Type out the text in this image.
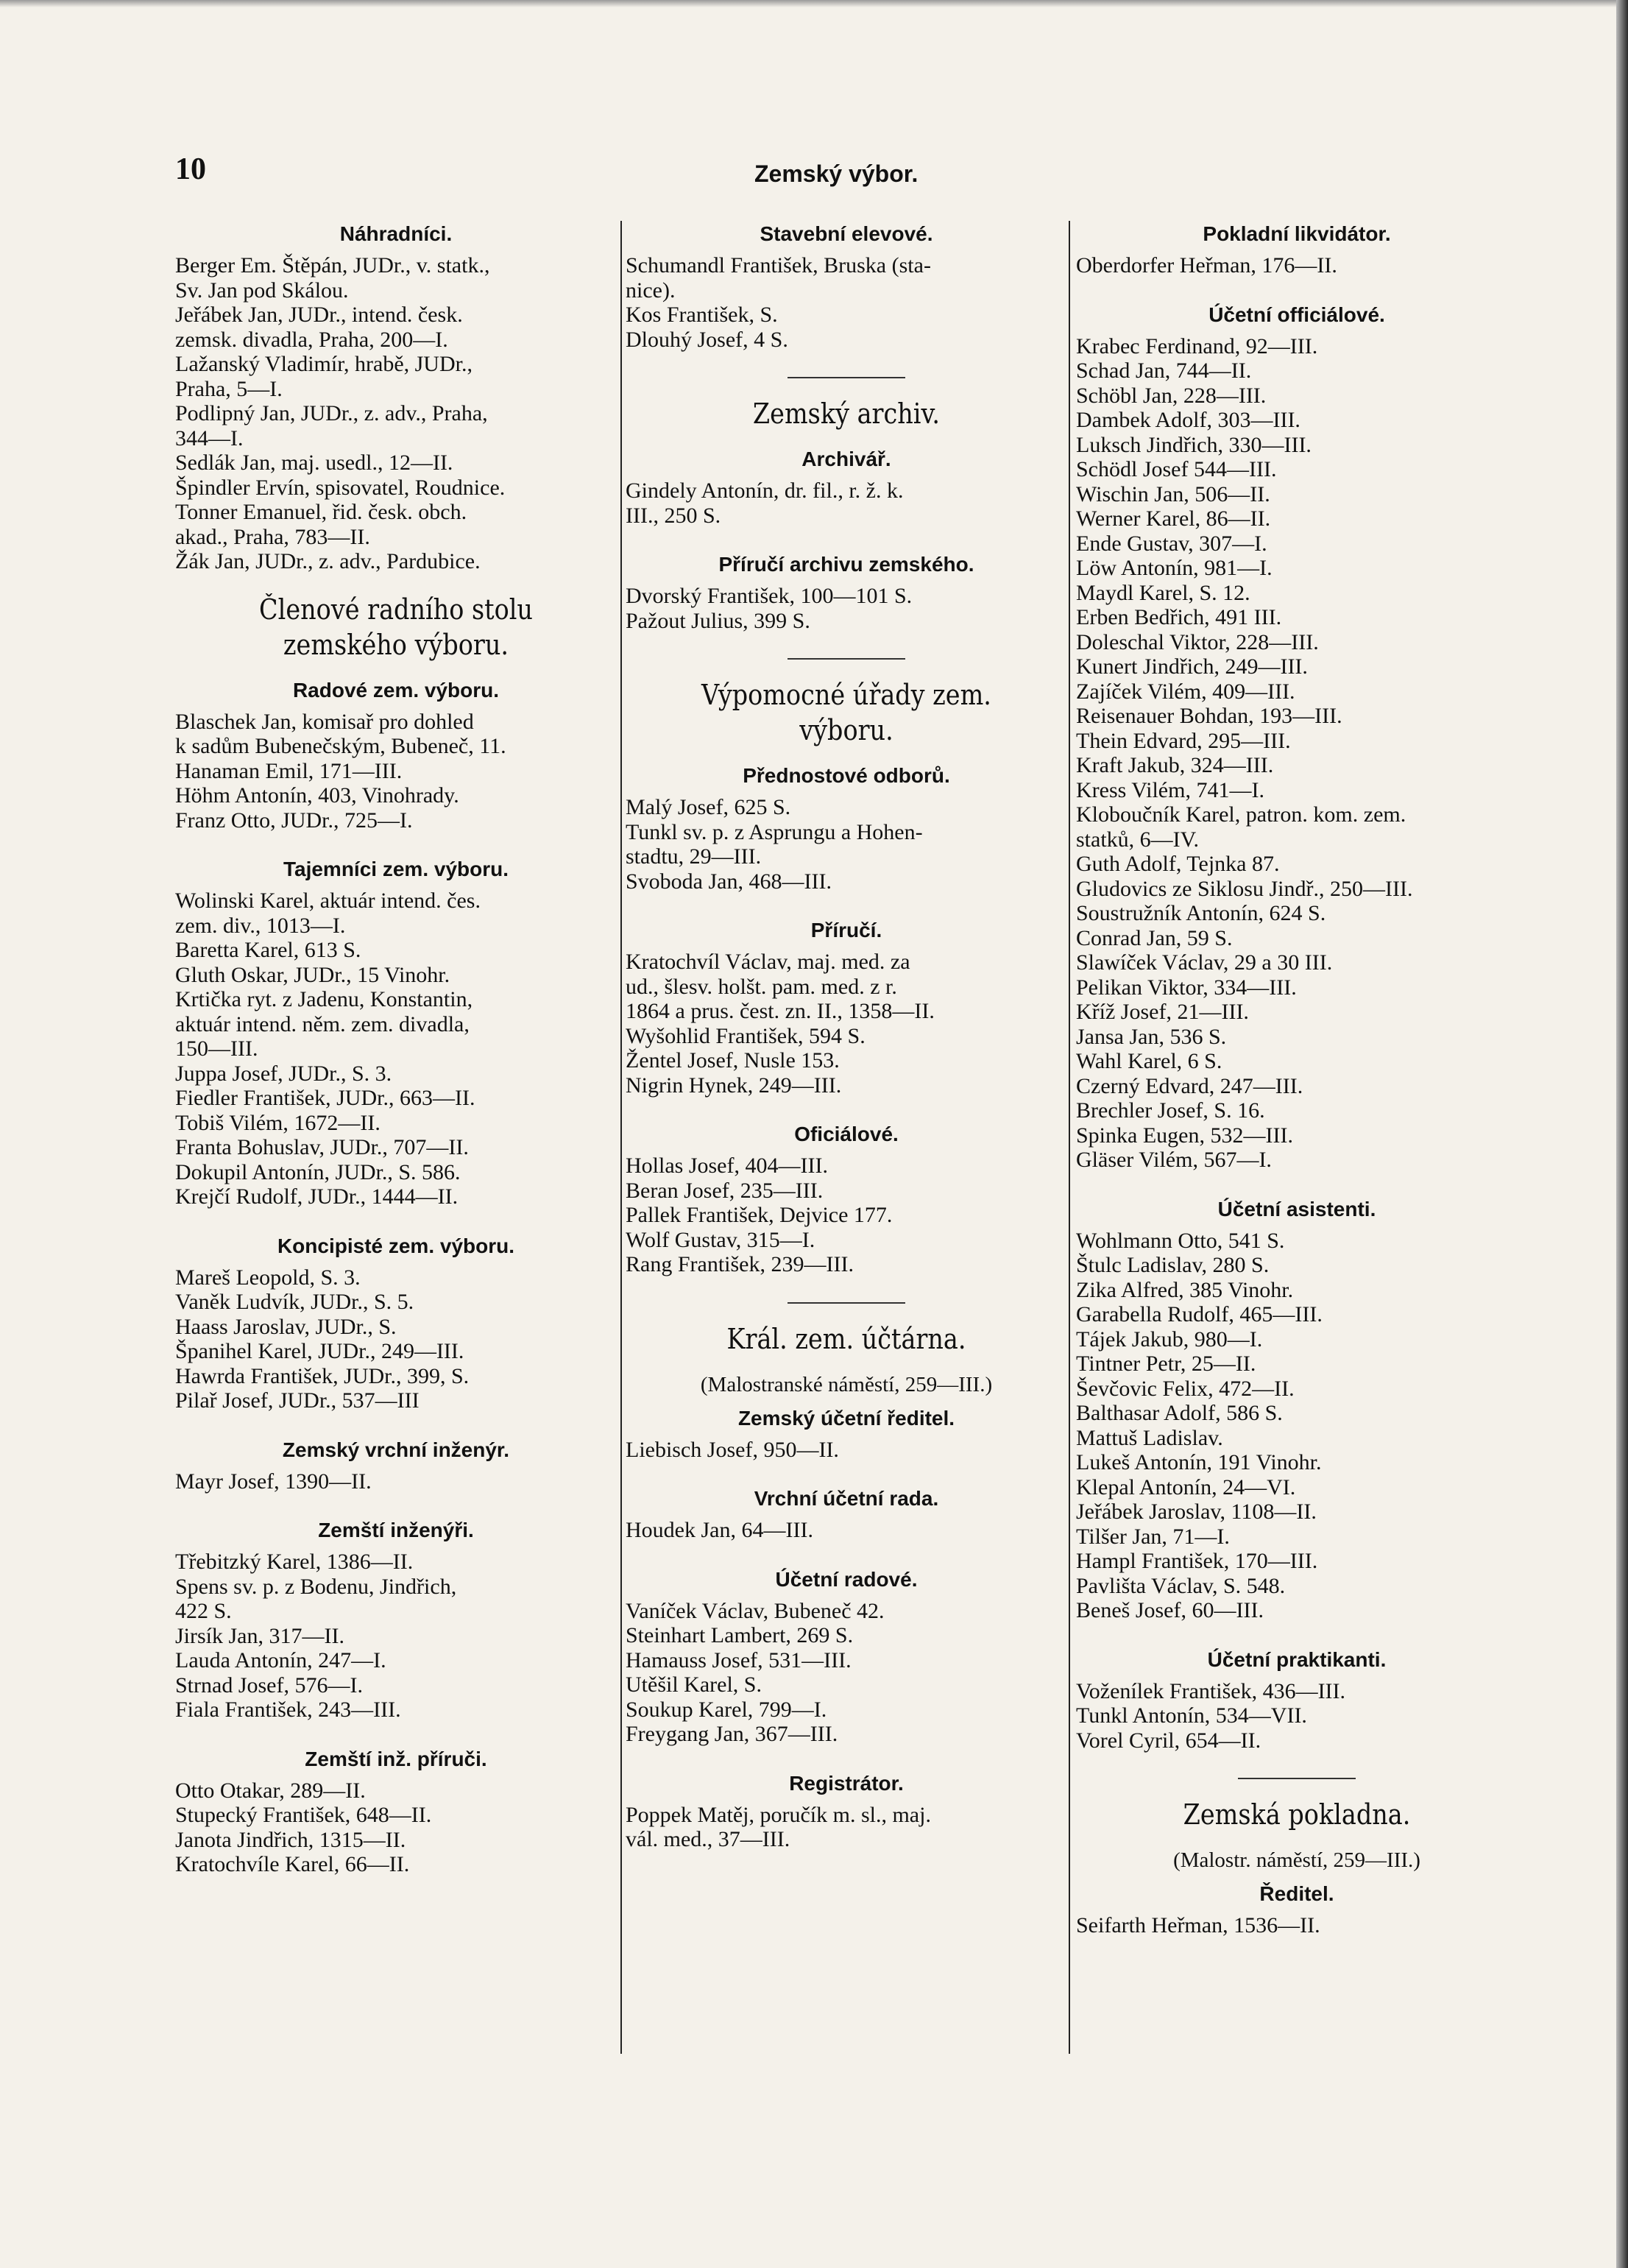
10	Zemský výbor.
Náhradníci.
Berger Em. Štěpán, JUDr., v. statk.,
Sv. Jan pod Skálou.
Jeřábek Jan, JUDr., intend. česk.
zemsk. divadla, Praha, 200—I.
Lažanský Vladimír, hrabě, JUDr.,
Praha, 5—I.
Podlipný Jan, JUDr., z. adv., Praha,
344—I.
Sedlák Jan, maj. usedl., 12—II.
Špindler Ervín, spisovatel, Roudnice.
Tonner Emanuel, řid. česk. obch.
akad., Praha, 783—II.
Žák Jan, JUDr., z. adv., Pardubice.
Členové radního stolu zemského výboru.
Radové zem. výboru.
Blaschek Jan, komisař pro dohled
k sadům Bubenečským, Bubeneč, 11.
Hanaman Emil, 171—III.
Höhm Antonín, 403, Vinohrady.
Franz Otto, JUDr., 725—I.
Tajemníci zem. výboru.
Wolinski Karel, aktuár intend. čes.
zem. div., 1013—I.
Baretta Karel, 613 S.
Gluth Oskar, JUDr., 15 Vinohr.
Krtička ryt. z Jadenu, Konstantin,
aktuár intend. něm. zem. divadla,
150—III.
Juppa Josef, JUDr., S. 3.
Fiedler František, JUDr., 663—II.
Tobiš Vilém, 1672—II.
Franta Bohuslav, JUDr., 707—II.
Dokupil Antonín, JUDr., S. 586.
Krejčí Rudolf, JUDr., 1444—II.
Koncipisté zem. výboru.
Mareš Leopold, S. 3.
Vaněk Ludvík, JUDr., S. 5.
Haass Jaroslav, JUDr., S.
Španihel Karel, JUDr., 249—III.
Hawrda František, JUDr., 399, S.
Pilař Josef, JUDr., 537—III
Zemský vrchní inženýr.
Mayr Josef, 1390—II.
Zemští inženýři.
Třebitzký Karel, 1386—II.
Spens sv. p. z Bodenu, Jindřich,
422 S.
Jirsík Jan, 317—II.
Lauda Antonín, 247—I.
Strnad Josef, 576—I.
Fiala František, 243—III.
Zemští inž. příruči.
Otto Otakar, 289—II.
Stupecký František, 648—II.
Janota Jindřich, 1315—II.
Kratochvíle Karel, 66—II.
Stavební elevové.
Schumandl František, Bruska (sta-
nice).
Kos František, S.
Dlouhý Josef, 4 S.
Zemský archiv.
Archivář.
Gindely Antonín, dr. fil., r. ž. k.
III., 250 S.
Příručí archivu zemského.
Dvorský František, 100—101 S.
Pažout Julius, 399 S.
Výpomocné úřady zem. výboru.
Přednostové odborů.
Malý Josef, 625 S.
Tunkl sv. p. z Asprungu a Hohen-
stadtu, 29—III.
Svoboda Jan, 468—III.
Příručí.
Kratochvíl Václav, maj. med. za
ud., šlesv. holšt. pam. med. z r.
1864 a prus. čest. zn. II., 1358—II.
Wyšohlid František, 594 S.
Žentel Josef, Nusle 153.
Nigrin Hynek, 249—III.
Oficiálové.
Hollas Josef, 404—III.
Beran Josef, 235—III.
Pallek František, Dejvice 177.
Wolf Gustav, 315—I.
Rang František, 239—III.
Král. zem. účtárna.
(Malostranské náměstí, 259—III.)
Zemský účetní ředitel.
Liebisch Josef, 950—II.
Vrchní účetní rada.
Houdek Jan, 64—III.
Účetní radové.
Vaníček Václav, Bubeneč 42.
Steinhart Lambert, 269 S.
Hamauss Josef, 531—III.
Utěšil Karel, S.
Soukup Karel, 799—I.
Freygang Jan, 367—III.
Registrátor.
Poppek Matěj, poručík m. sl., maj.
vál. med., 37—III.
Pokladní likvidátor.
Oberdorfer Heřman, 176—II.
Účetní officiálové.
Krabec Ferdinand, 92—III.
Schad Jan, 744—II.
Schöbl Jan, 228—III.
Dambek Adolf, 303—III.
Luksch Jindřich, 330—III.
Schödl Josef 544—III.
Wischin Jan, 506—II.
Werner Karel, 86—II.
Ende Gustav, 307—I.
Löw Antonín, 981—I.
Maydl Karel, S. 12.
Erben Bedřich, 491 III.
Doleschal Viktor, 228—III.
Kunert Jindřich, 249—III.
Zajíček Vilém, 409—III.
Reisenauer Bohdan, 193—III.
Thein Edvard, 295—III.
Kraft Jakub, 324—III.
Kress Vilém, 741—I.
Kloboučník Karel, patron. kom. zem.
statků, 6—IV.
Guth Adolf, Tejnka 87.
Gludovics ze Siklosu Jindř., 250—III.
Soustružník Antonín, 624 S.
Conrad Jan, 59 S.
Slawíček Václav, 29 a 30 III.
Pelikan Viktor, 334—III.
Kříž Josef, 21—III.
Jansa Jan, 536 S.
Wahl Karel, 6 S.
Czerný Edvard, 247—III.
Brechler Josef, S. 16.
Spinka Eugen, 532—III.
Gläser Vilém, 567—I.
Účetní asistenti.
Wohlmann Otto, 541 S.
Štulc Ladislav, 280 S.
Zika Alfred, 385 Vinohr.
Garabella Rudolf, 465—III.
Tájek Jakub, 980—I.
Tintner Petr, 25—II.
Ševčovic Felix, 472—II.
Balthasar Adolf, 586 S.
Mattuš Ladislav.
Lukeš Antonín, 191 Vinohr.
Klepal Antonín, 24—VI.
Jeřábek Jaroslav, 1108—II.
Tilšer Jan, 71—I.
Hampl František, 170—III.
Pavlišta Václav, S. 548.
Beneš Josef, 60—III.
Účetní praktikanti.
Voženílek František, 436—III.
Tunkl Antonín, 534—VII.
Vorel Cyril, 654—II.
Zemská pokladna.
(Malostr. náměstí, 259—III.)
Ředitel.
Seifarth Heřman, 1536—II.
